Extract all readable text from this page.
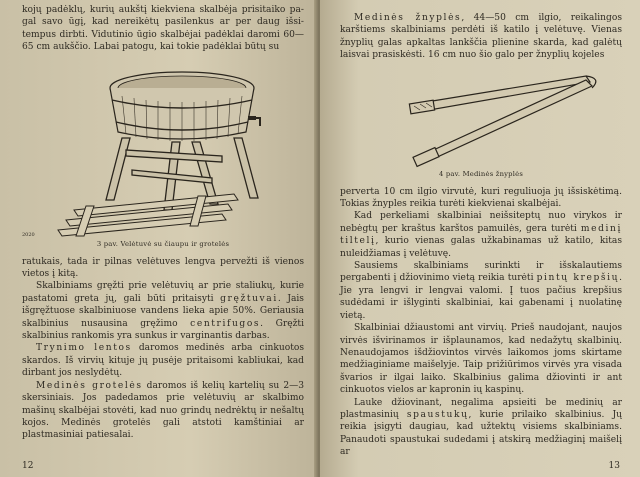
kojų padėklų, kurių aukštį kiekviena skalbėja prisitaiko pa- gal savo ūgį, kad nereikėtų pasilenkus ar per daug išsi- tempus dirbti. Vidutinio ūgio skalbėjai padėklai daromi 60— 65 cm aukščio. Labai patogu, kai tokie padėklai būtų su

2020
3 pav. Velėtuvė su čiaupu ir grotelės

ratukais, tada ir pilnas velėtuves lengva pervežti iš vienos vietos į kitą.

Skalbiniams gręžti prie velėtuvių ar prie staliukų, kurie pastatomi greta jų, gali būti pritaisyti gręžtuvai. Jais išgręžtuose skalbiniuose vandens lieka apie 50%. Geriausia skalbinius nusausina gręžimo centrifugos. Gręžti skalbinius rankomis yra sunkus ir varginantis darbas.

Trynimo lentos daromos medinės arba cinkuotos skardos. Iš virvių kituje jų pusėje pritaisomi kabliukai, kad dirbant jos neslydėtų.

Medinės grotelės daromos iš kelių kartelių su 2—3 skersiniais. Jos padedamos prie velėtuvių ar skalbimo mašinų skalbėjai stovėti, kad nuo grindų nedrėktų ir nešaltų kojos. Medinės grotelės gali atstoti kamštiniai ar plastmasiniai patiesalai.

12

Medinės žnyplės, 44—50 cm ilgio, reikalingos karštiems skalbiniams perdėti iš katilo į velėtuvę. Vienas žnyplių galas apkaltas lankščia plienine skarda, kad galėtų laisvai prasiskėsti. 16 cm nuo šio galo per žnyplių kojeles

4 pav. Medinės žnyplės

perverta 10 cm ilgio virvutė, kuri reguliuoja jų išsiskėtimą. Tokias žnyples reikia turėti kiekvienai skalbėjai.

Kad perkeliami skalbiniai neišsiteptų nuo virykos ir nebėgtų per kraštus karštos pamuilės, gera turėti medinį tiltelį, kurio vienas galas užkabinamas už katilo, kitas nuleidžiamas į velėtuvę.

Sausiems skalbiniams surinkti ir išskalautiems pergabenti į džiovinimo vietą reikia turėti pintų krepšių. Jie yra lengvi ir lengvai valomi. Į tuos pačius krepšius sudėdami ir išlyginti skalbiniai, kai gabenami į nuolatinę vietą.

Skalbiniai džiaustomi ant virvių. Prieš naudojant, naujos virvės išvirinamos ir išplaunamos, kad nedažytų skalbinių. Nenaudojamos išdžiovintos virvės laikomos joms skirtame medžiaginiame maišelyje. Taip prižiūrimos virvės yra visada švarios ir ilgai laiko. Skalbinius galima džiovinti ir ant cinkuotos vielos ar kapronin ių kaspinų.

Lauke džiovinant, negalima apsieiti be medinių ar plastmasinių spaustukų, kurie prilaiko skalbinius. Jų reikia įsigyti daugiau, kad užtektų visiems skalbiniams. Panaudoti spaustukai sudedami į atskirą medžiaginį maišelį ar

13
